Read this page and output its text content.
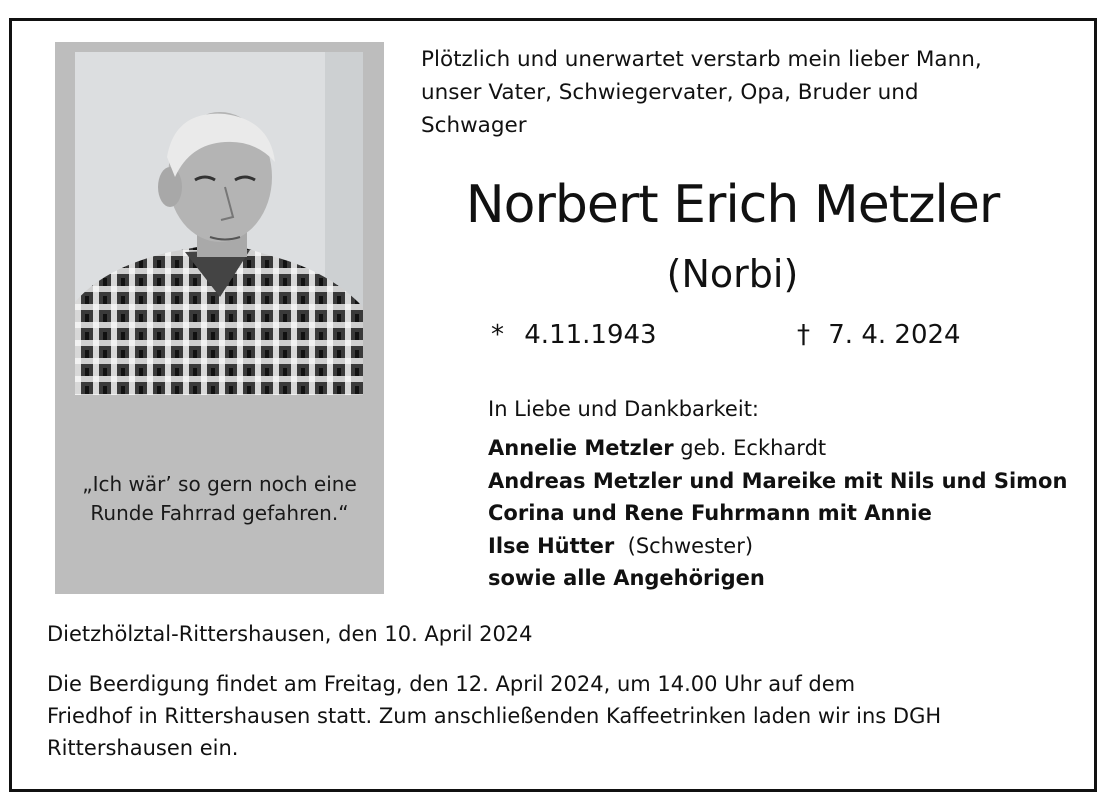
„Ich wär’ so gern noch eine
Runde Fahrrad gefahren.“
Plötzlich und unerwartet verstarb mein lieber Mann,
unser Vater, Schwiegervater, Opa, Bruder und
Schwager
Norbert Erich Metzler
(Norbi)
* 4.11.1943	† 7. 4. 2024
In Liebe und Dankbarkeit:
Annelie Metzler geb. Eckhardt
Andreas Metzler und Mareike mit Nils und Simon
Corina und Rene Fuhrmann mit Annie
Ilse Hütter  (Schwester)
sowie alle Angehörigen
Dietzhölztal-Rittershausen, den 10. April 2024
Die Beerdigung findet am Freitag, den 12. April 2024, um 14.00 Uhr auf dem
Friedhof in Rittershausen statt. Zum anschließenden Kaffeetrinken laden wir ins DGH
Rittershausen ein.
